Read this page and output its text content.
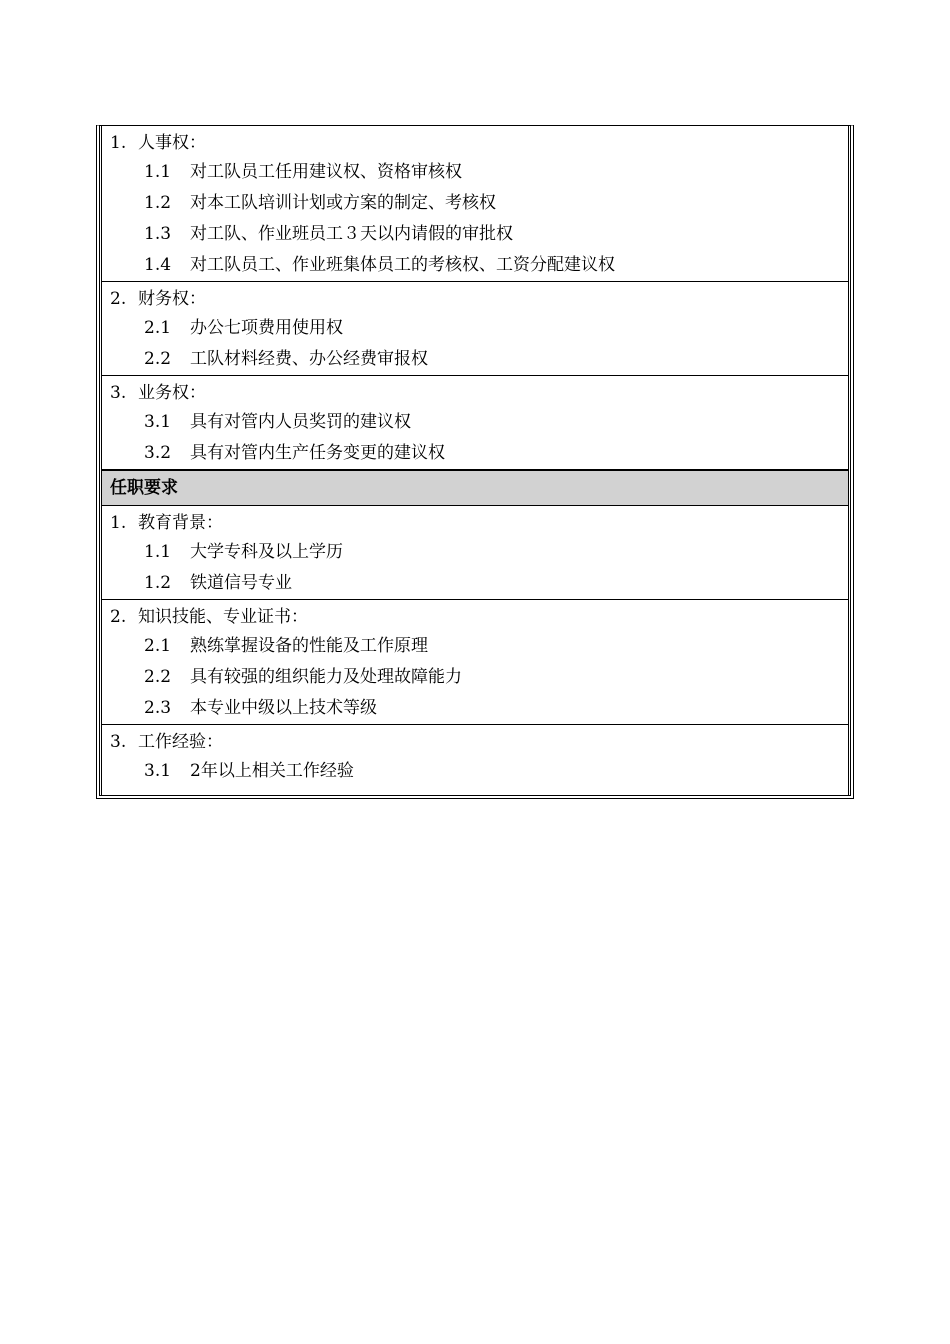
1. 人事权：
1.1 对工队员工任用建议权、资格审核权
1.2 对本工队培训计划或方案的制定、考核权
1.3 对工队、作业班员工３天以内请假的审批权
1.4 对工队员工、作业班集体员工的考核权、工资分配建议权
2. 财务权：
2.1 办公七项费用使用权
2.2 工队材料经费、办公经费审报权
3. 业务权：
3.1 具有对管内人员奖罚的建议权
3.2 具有对管内生产任务变更的建议权
任职要求
1. 教育背景：
1.1 大学专科及以上学历
1.2 铁道信号专业
2. 知识技能、专业证书：
2.1 熟练掌握设备的性能及工作原理
2.2 具有较强的组织能力及处理故障能力
2.3 本专业中级以上技术等级
3. 工作经验：
3.1 2年以上相关工作经验
